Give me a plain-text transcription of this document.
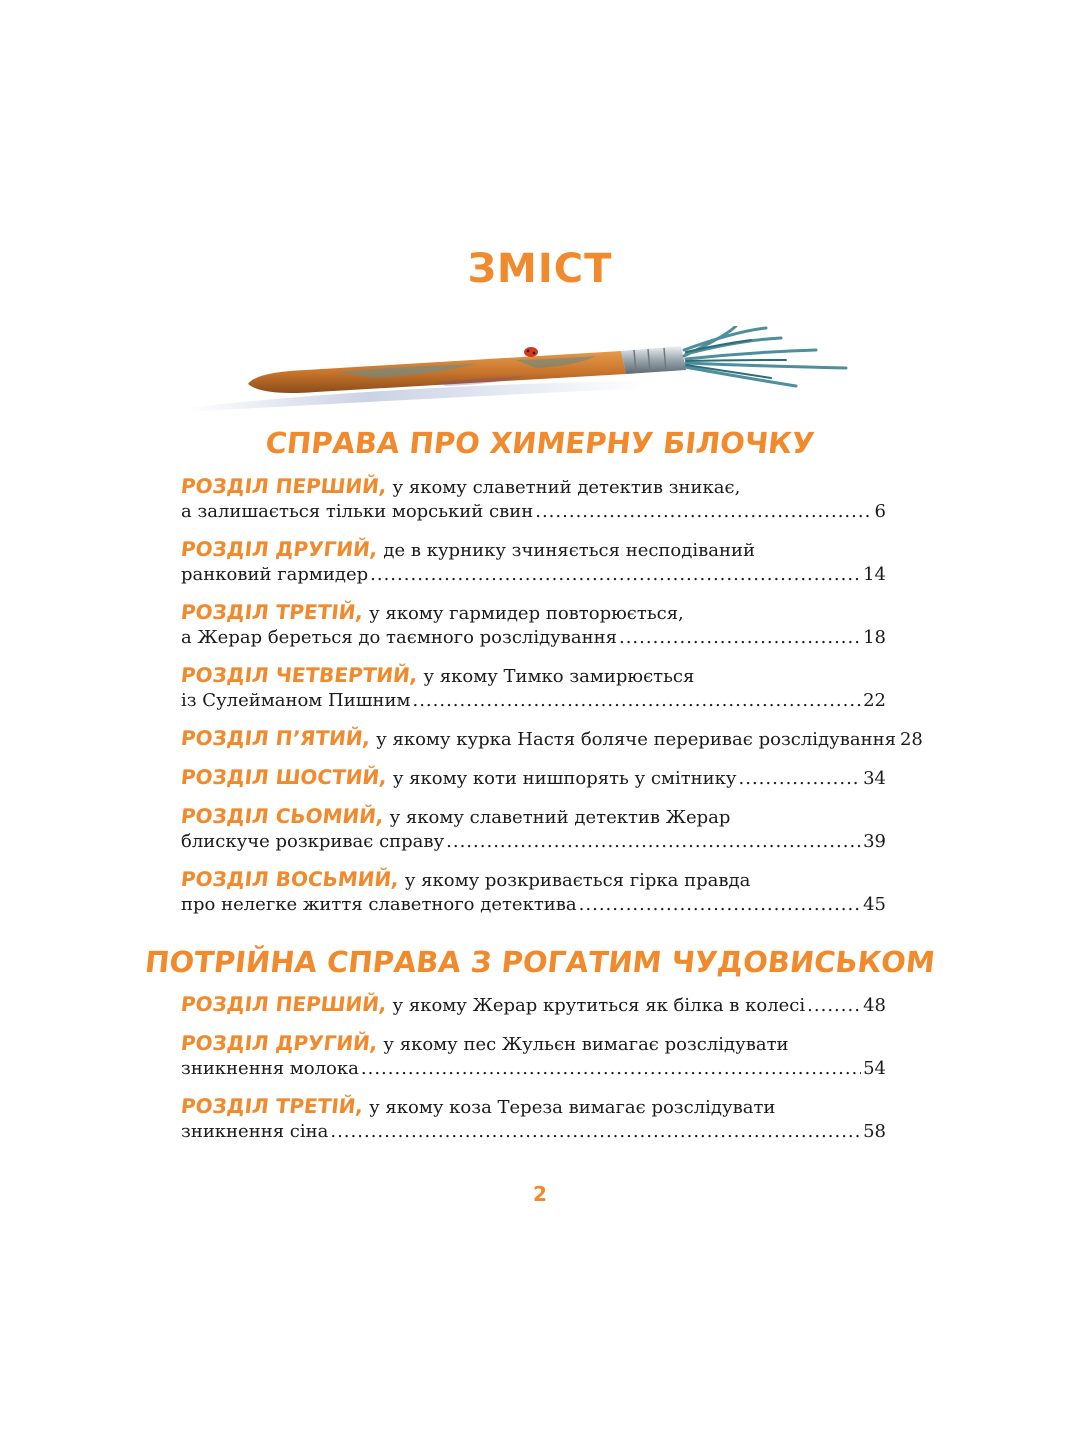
ЗМІСТ
СПРАВА ПРО ХИМЕРНУ БІЛОЧКУ
РОЗДІЛ ПЕРШИЙ, у якому славетний детектив зникає,
а залишається тільки морський свин .....	6
РОЗДІЛ ДРУГИЙ, де в курнику зчиняється несподіваний
ранковий гармидер .....	14
РОЗДІЛ ТРЕТІЙ, у якому гармидер повторюється,
а Жерар береться до таємного розслідування .....	18
РОЗДІЛ ЧЕТВЕРТИЙ, у якому Тимко замирюється
із Сулейманом Пишним .....	22
РОЗДІЛ П’ЯТИЙ, у якому курка Настя боляче перериває розслідування 28
РОЗДІЛ ШОСТИЙ, у якому коти нишпорять у смітнику .....	34
РОЗДІЛ СЬОМИЙ, у якому славетний детектив Жерар
блискуче розкриває справу .....	39
РОЗДІЛ ВОСЬМИЙ, у якому розкривається гірка правда
про нелегке життя славетного детектива .....	45
ПОТРІЙНА СПРАВА З РОГАТИМ ЧУДОВИСЬКОМ
РОЗДІЛ ПЕРШИЙ, у якому Жерар крутиться як білка в колесі .....	48
РОЗДІЛ ДРУГИЙ, у якому пес Жульєн вимагає розслідувати
зникнення молока .....	54
РОЗДІЛ ТРЕТІЙ, у якому коза Тереза вимагає розслідувати
зникнення сіна .....	58

2
